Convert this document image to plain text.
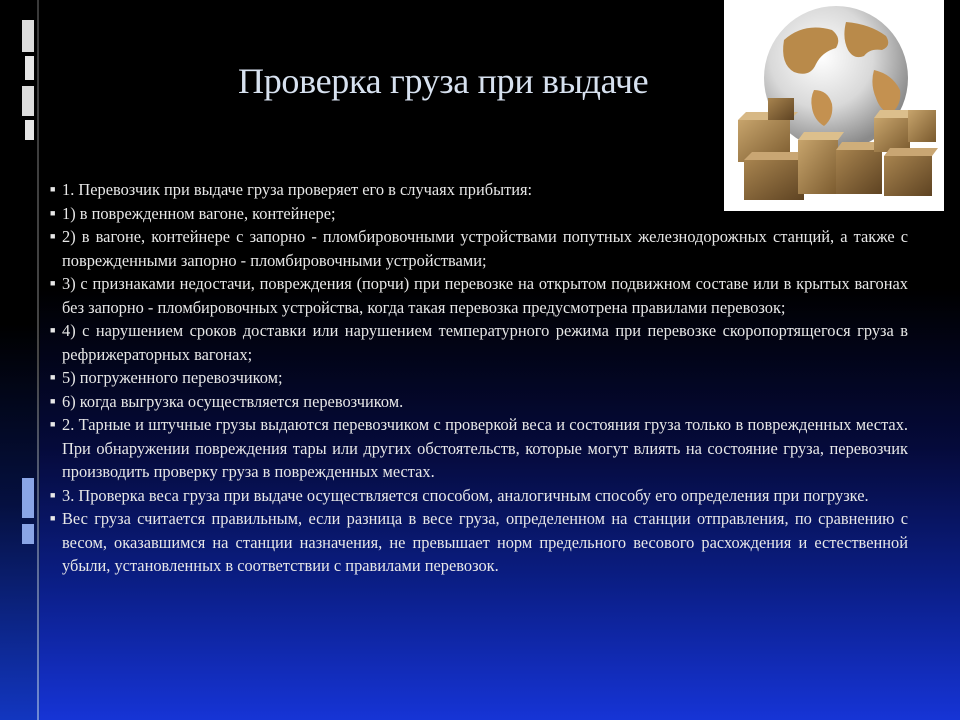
Проверка груза при выдаче
■ 1. Перевозчик при выдаче груза проверяет его в случаях прибытия:
■ 1) в поврежденном вагоне, контейнере;
■ 2) в вагоне, контейнере с запорно - пломбировочными устройствами попутных железнодорожных станций, а также с поврежденными запорно - пломбировочными устройствами;
■ 3) с признаками недостачи, повреждения (порчи) при перевозке на открытом подвижном составе или в крытых вагонах без запорно - пломбировочных устройства, когда такая перевозка предусмотрена правилами перевозок;
■ 4) с нарушением сроков доставки или нарушением температурного режима при перевозке скоропортящегося груза в рефрижераторных вагонах;
■ 5) погруженного перевозчиком;
■ 6) когда выгрузка осуществляется перевозчиком.
■ 2. Тарные и штучные грузы выдаются перевозчиком с проверкой веса и состояния груза только в поврежденных местах. При обнаружении повреждения тары или других обстоятельств, которые могут влиять на состояние груза, перевозчик производить проверку груза в поврежденных местах.
■ 3. Проверка веса груза при выдаче осуществляется способом, аналогичным способу его определения при погрузке.
■ Вес груза считается правильным, если разница в весе груза, определенном на станции отправления, по сравнению с весом, оказавшимся на станции назначения, не превышает норм предельного весового расхождения и естественной убыли, установленных в соответствии с правилами перевозок.
